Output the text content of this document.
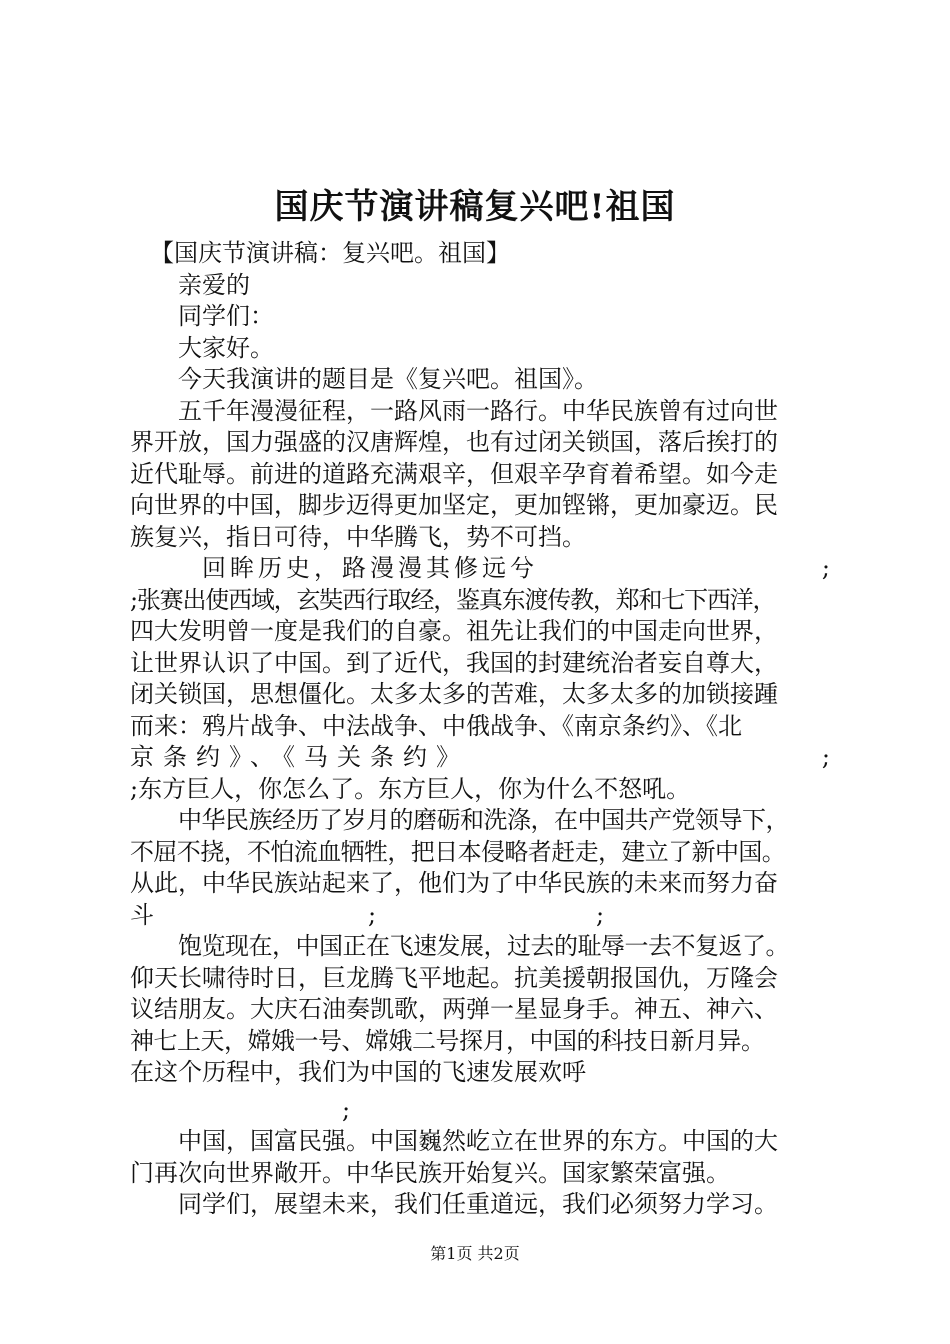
国庆节演讲稿复兴吧!祖国
【国庆节演讲稿：复兴吧。祖国】
亲爱的
同学们：
大家好。
今天我演讲的题目是《复兴吧。祖国》。
五千年漫漫征程，一路风雨一路行。中华民族曾有过向世
界开放，国力强盛的汉唐辉煌，也有过闭关锁国，落后挨打的
近代耻辱。前进的道路充满艰辛，但艰辛孕育着希望。如今走
向世界的中国，脚步迈得更加坚定，更加铿锵，更加豪迈。民
族复兴，指日可待，中华腾飞，势不可挡。
回眸历史，路漫漫其修远兮	;
;张赛出使西域，玄奘西行取经，鉴真东渡传教，郑和七下西洋，
四大发明曾一度是我们的自豪。祖先让我们的中国走向世界，
让世界认识了中国。到了近代，我国的封建统治者妄自尊大，
闭关锁国，思想僵化。太多太多的苦难，太多太多的加锁接踵
而来：鸦片战争、中法战争、中俄战争、《南京条约》、《北
京条约》、《马关条约》	;
;东方巨人，你怎么了。东方巨人，你为什么不怒吼。
中华民族经历了岁月的磨砺和洗涤，在中国共产党领导下，
不屈不挠，不怕流血牺牲，把日本侵略者赶走，建立了新中国。
从此，中华民族站起来了，他们为了中华民族的未来而努力奋
斗	;	;
饱览现在，中国正在飞速发展，过去的耻辱一去不复返了。
仰天长啸待时日，巨龙腾飞平地起。抗美援朝报国仇，万隆会
议结朋友。大庆石油奏凯歌，两弹一星显身手。神五、神六、
神七上天，嫦娥一号、嫦娥二号探月，中国的科技日新月异。
在这个历程中，我们为中国的飞速发展欢呼
;
中国，国富民强。中国巍然屹立在世界的东方。中国的大
门再次向世界敞开。中华民族开始复兴。国家繁荣富强。
同学们，展望未来，我们任重道远，我们必须努力学习。
第1页 共2页
